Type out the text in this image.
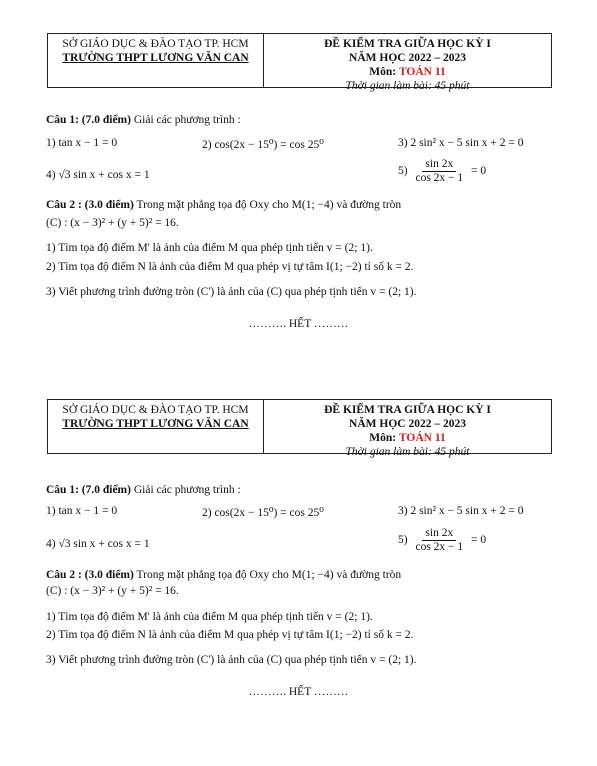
SỞ GIÁO DỤC & ĐÀO TẠO TP. HCM
TRƯỜNG THPT LƯƠNG VĂN CAN
ĐỀ KIỂM TRA GIỮA HỌC KỲ I
NĂM HỌC 2022 – 2023
Môn: TOÁN 11
Thời gian làm bài: 45 phút
Câu 1: (7.0 điểm) Giải các phương trình :
1) tan x − 1 = 0	2) cos(2x − 15⁰) = cos 25⁰	3) 2 sin² x − 5 sin x + 2 = 0
4) √3 sin x + cos x = 1	$5) \frac{\sin 2x}{\cos 2x - 1} = 0$
Câu 2 : (3.0 điểm) Trong mặt phẳng tọa độ Oxy cho M(1; −4) và đường tròn
(C) : (x − 3)² + (y + 5)² = 16.
1) Tìm tọa độ điểm M' là ảnh của điểm M qua phép tịnh tiến v = (2; 1).
2) Tìm tọa độ điểm N là ảnh của điểm M qua phép vị tự tâm I(1; −2) tỉ số k = 2.
3) Viết phương trình đường tròn (C') là ảnh của (C) qua phép tịnh tiến v = (2; 1).
………. HẾT ………
SỞ GIÁO DỤC & ĐÀO TẠO TP. HCM
TRƯỜNG THPT LƯƠNG VĂN CAN
ĐỀ KIỂM TRA GIỮA HỌC KỲ I
NĂM HỌC 2022 – 2023
Môn: TOÁN 11
Thời gian làm bài: 45 phút
Câu 1: (7.0 điểm) Giải các phương trình :
1) tan x − 1 = 0	2) cos(2x − 15⁰) = cos 25⁰	3) 2 sin² x − 5 sin x + 2 = 0
4) √3 sin x + cos x = 1	$5) \frac{\sin 2x}{\cos 2x - 1} = 0$
Câu 2 : (3.0 điểm) Trong mặt phẳng tọa độ Oxy cho M(1; −4) và đường tròn
(C) : (x − 3)² + (y + 5)² = 16.
1) Tìm tọa độ điểm M' là ảnh của điểm M qua phép tịnh tiến v = (2; 1).
2) Tìm tọa độ điểm N là ảnh của điểm M qua phép vị tự tâm I(1; −2) tỉ số k = 2.
3) Viết phương trình đường tròn (C') là ảnh của (C) qua phép tịnh tiến v = (2; 1).
………. HẾT ………
